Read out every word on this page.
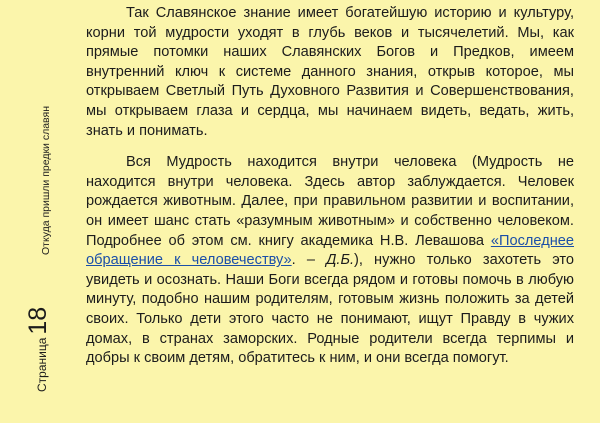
Страница
18
Откуда пришли предки славян

Так Славянское знание имеет богатейшую историю и культуру, корни той мудрости уходят в глубь веков и тысячелетий. Мы, как прямые потомки наших Славянских Богов и Предков, имеем внутренний ключ к системе данного знания, открыв которое, мы открываем Светлый Путь Духовного Развития и Совершенствования, мы открываем глаза и сердца, мы начинаем видеть, ведать, жить, знать и понимать.

Вся Мудрость находится внутри человека (Мудрость не находится внутри человека. Здесь автор заблуждается. Человек рождается животным. Далее, при правильном развитии и воспитании, он имеет шанс стать «разумным животным» и собственно человеком. Подробнее об этом см. книгу академика Н.В. Левашова «Последнее обращение к человечеству». – Д.Б.), нужно только захотеть это увидеть и осознать. Наши Боги всегда рядом и готовы помочь в любую минуту, подобно нашим родителям, готовым жизнь положить за детей своих. Только дети этого часто не понимают, ищут Правду в чужих домах, в странах заморских. Родные родители всегда терпимы и добры к своим детям, обратитесь к ним, и они всегда помогут.
